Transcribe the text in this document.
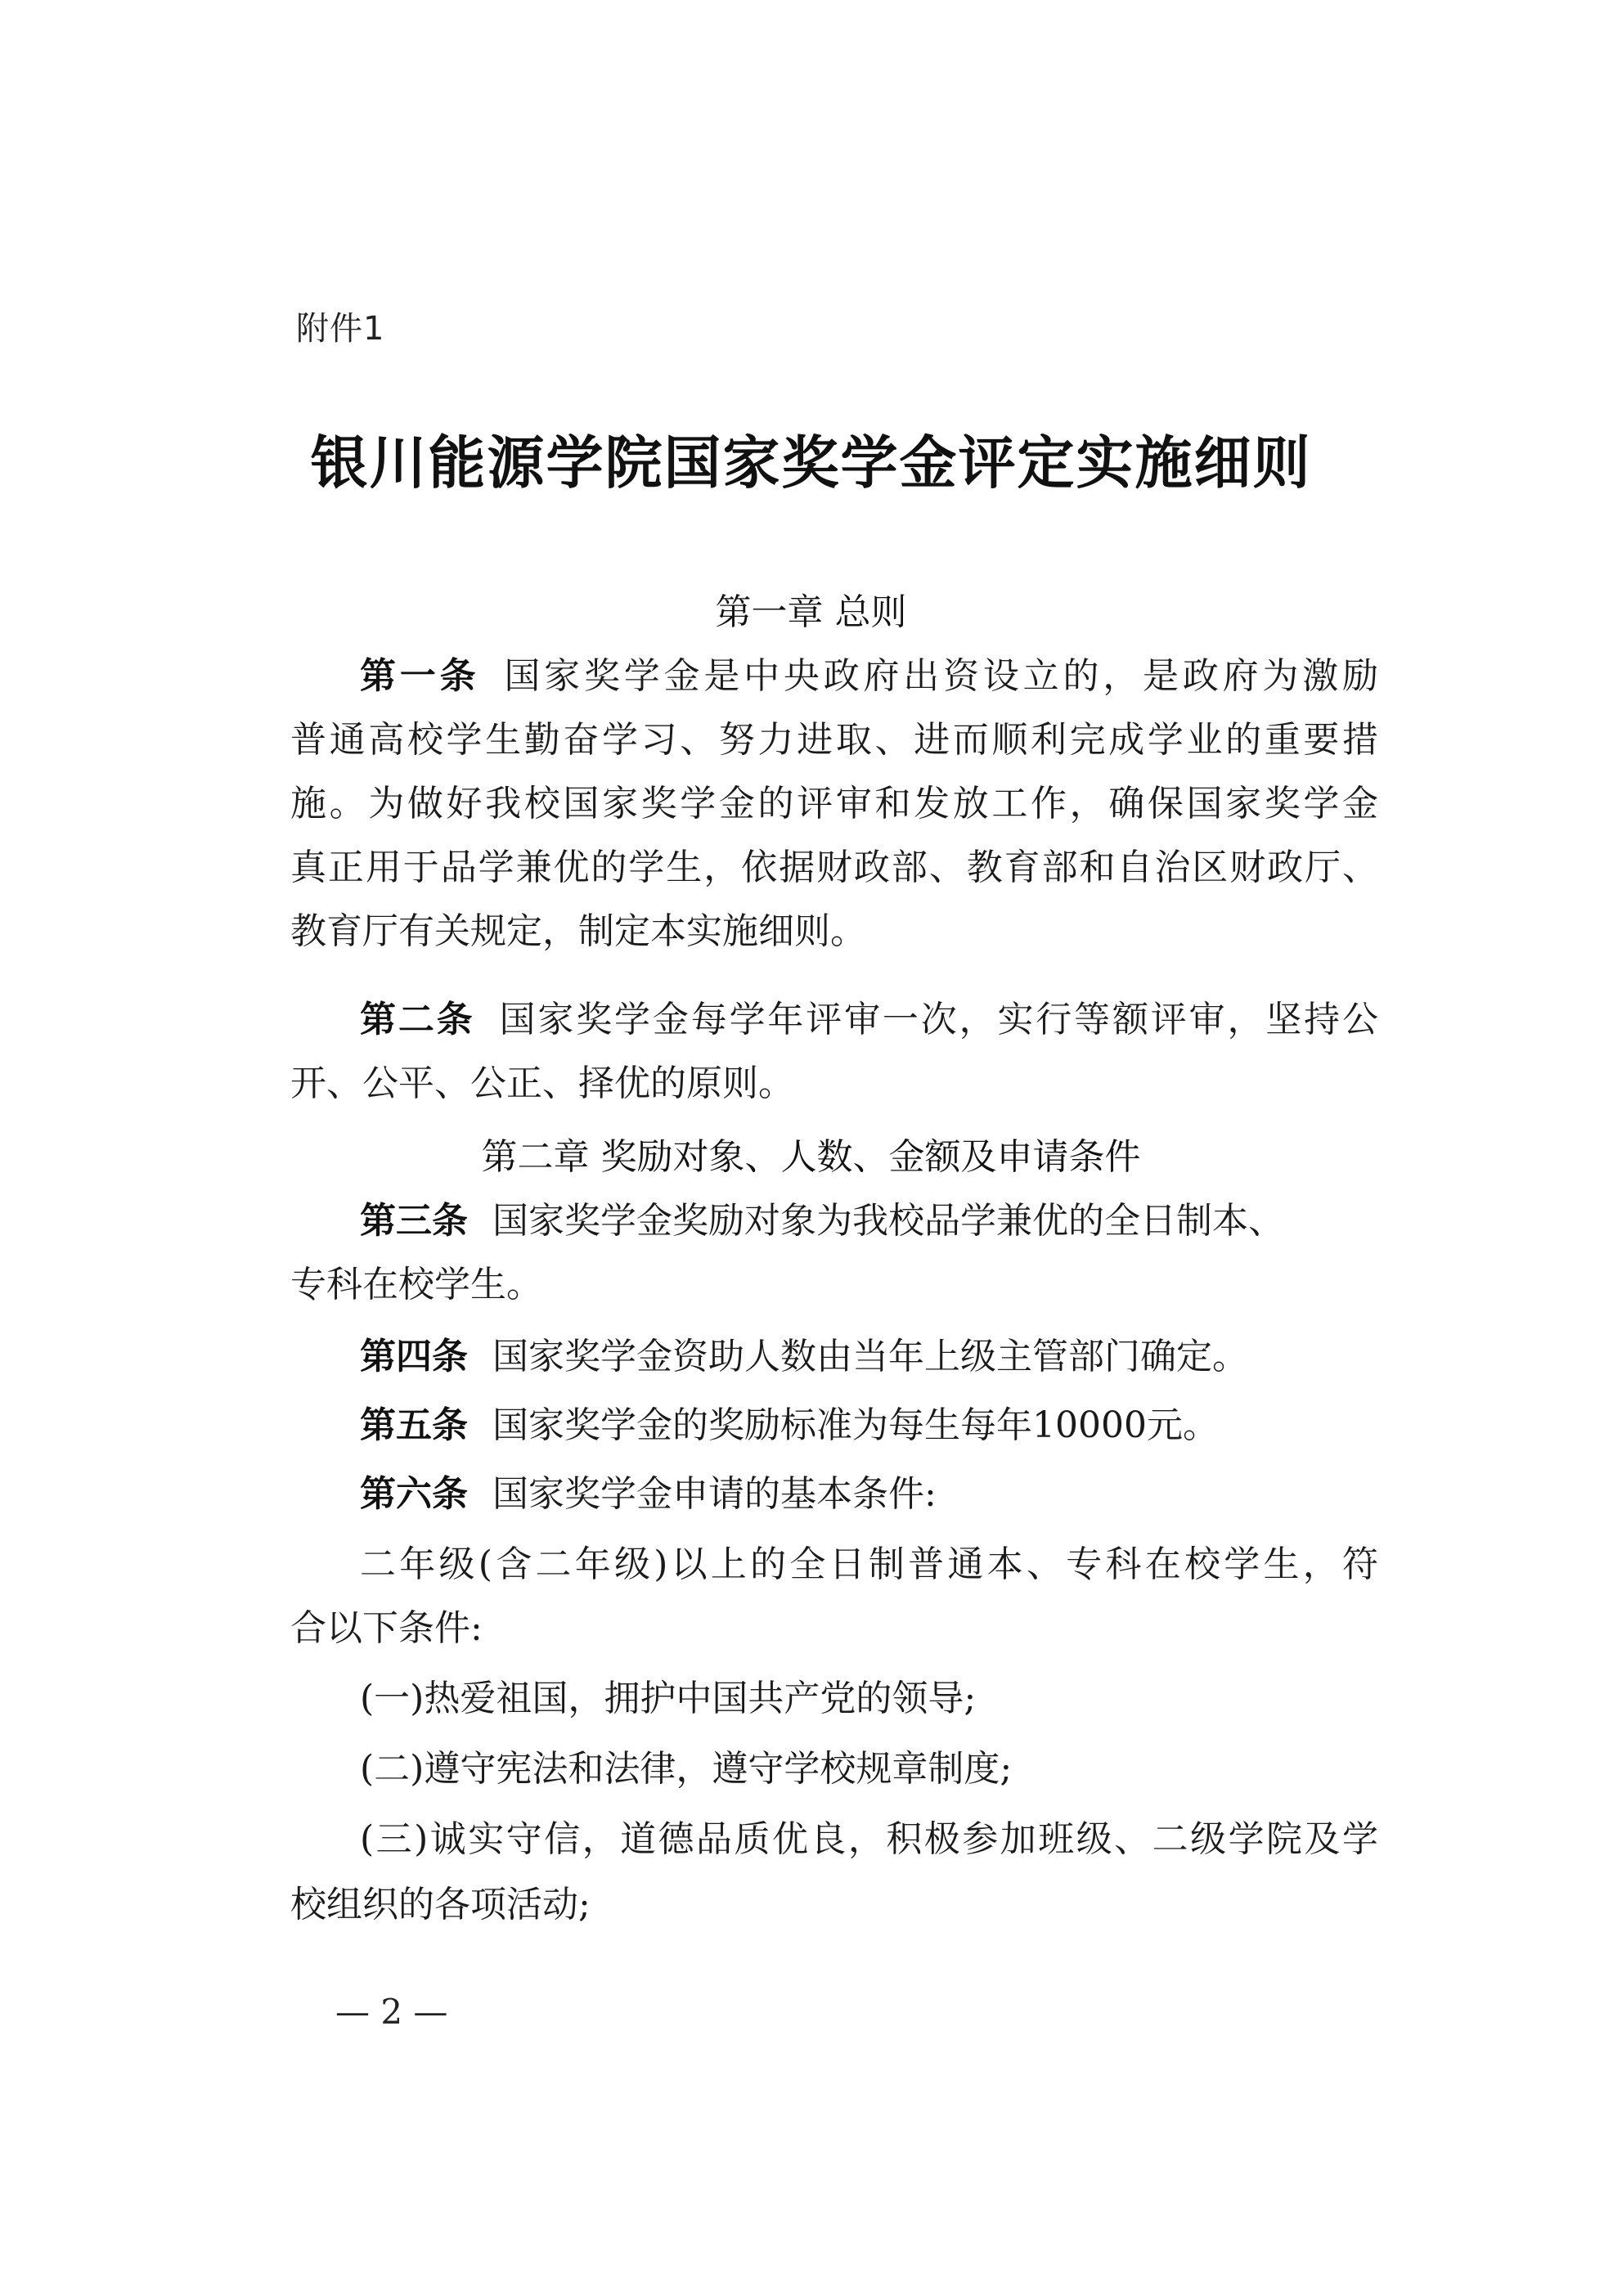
附件1
银川能源学院国家奖学金评定实施细则
第一章 总则
第一条 国家奖学金是中央政府出资设立的，是政府为激励
普通高校学生勤奋学习、努力进取、进而顺利完成学业的重要措
施。为做好我校国家奖学金的评审和发放工作，确保国家奖学金
真正用于品学兼优的学生，依据财政部、教育部和自治区财政厅、
教育厅有关规定，制定本实施细则。
第二条 国家奖学金每学年评审一次，实行等额评审，坚持公
开、公平、公正、择优的原则。
第二章 奖励对象、人数、金额及申请条件
第三条 国家奖学金奖励对象为我校品学兼优的全日制本、
专科在校学生。
第四条 国家奖学金资助人数由当年上级主管部门确定。
第五条 国家奖学金的奖励标准为每生每年10000元。
第六条 国家奖学金申请的基本条件:
二年级(含二年级)以上的全日制普通本、专科在校学生，符
合以下条件:
(一)热爱祖国，拥护中国共产党的领导;
(二)遵守宪法和法律，遵守学校规章制度;
(三)诚实守信，道德品质优良，积极参加班级、二级学院及学
校组织的各项活动;
— 2 —
